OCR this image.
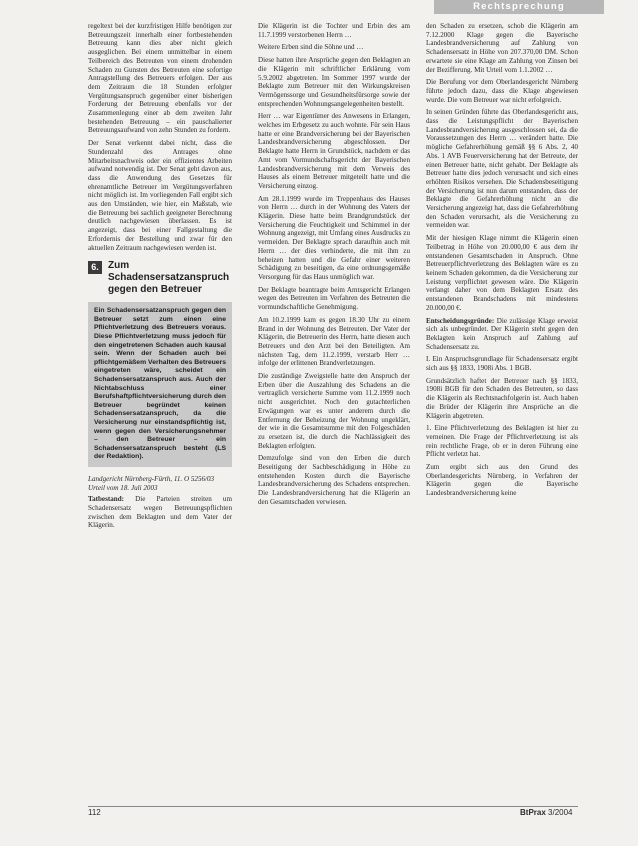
Rechtsprechung

regeltext bei der kurzfristigen Hilfe benötigen zur Betreuungszeit innerhalb einer fortbestehenden Betreuung kann dies aber nicht gleich ausgeglichen. Bei einem unmittelbar in einem Teilbereich des Betreuten von einem drohenden Schaden zu Gunsten des Betreuten eine sofortige Antragstellung des Betreuers erfolgen. Der aus dem Zeitraum die 18 Stunden erfolgter Vergütungsanspruch gegenüber einer bisherigen Forderung der Betreuung ebenfalls vor der Zusammenlegung einer ab dem zweiten Jahr bestehenden Betreuung – ein pauschalierter Betreuungsaufwand von zehn Stunden zu fordern.

Der Senat verkennt dabei nicht, dass die Stundenzahl des Antrages ohne Mitarbeitsnachweis oder ein effizientes Arbeiten aufwand notwendig ist. Der Senat geht davon aus, dass die Anwendung des Gesetzes für ehrenamtliche Betreuer im Vergütungsverfahren nicht möglich ist. Im vorliegenden Fall ergibt sich aus den Umständen, wie hier, ein Maßstab, wie die Betreuung bei sachlich geeigneter Berechnung deutlich nachgewiesen überlassen. Es ist angezeigt, dass bei einer Fallgestaltung die Erfordernis der Bestellung und zwar für den aktuellen Zeitraum nachgewiesen werden ist.

6. Zum Schadensersatzanspruch gegen den Betreuer
Ein Schadensersatzanspruch gegen den Betreuer setzt zum einen eine Pflichtverletzung des Betreuers voraus. Diese Pflichtverletzung muss jedoch für den eingetretenen Schaden auch kausal sein. Wenn der Schaden auch bei pflichtgemäßem Verhalten des Betreuers eingetreten wäre, scheidet ein Schadensersatzanspruch aus. Auch der Nichtabschluss einer Berufshaftpflichtversicherung durch den Betreuer begründet keinen Schadensersatzanspruch, da die Versicherung nur einstandspflichtig ist, wenn gegen den Versicherungsnehmer – den Betreuer – ein Schadensersatzanspruch besteht (LS der Redaktion).
Landgericht Nürnberg-Fürth, 11. O 5256/03
Urteil vom 18. Juli 2003

Tatbestand: Die Parteien streiten um Schadensersatz wegen Betreuungspflichten zwischen dem Beklagten und dem Vater der Klägerin.

Die Klägerin ist die Tochter und Erbin des am 11.7.1999 verstorbenen Herrn …

Weitere Erben sind die Söhne und …

Diese hatten ihre Ansprüche gegen den Beklagten an die Klägerin mit schriftlicher Erklärung vom 5.9.2002 abgetreten. Im Sommer 1997 wurde der Beklagte zum Betreuer mit den Wirkungskreisen Vermögenssorge und Gesundheitsfürsorge sowie der entsprechenden Wohnungsangelegenheiten bestellt.

Herr … war Eigentümer des Anwesens in Erlangen, welches im Erbgesetz zu auch wohnte. Für sein Haus hatte er eine Brandversicherung bei der Bayerischen Landesbrandversicherung abgeschlossen. Der Beklagte hatte Herrn in Grundstück, nachdem er das Amt vom Vormundschaftsgericht der Bayerischen Landesbrandversicherung mit dem Verweis des Hauses als einem Betreuer mitgeteilt hatte und die Versicherung einzog.

Am 28.1.1999 wurde im Treppenhaus des Hauses von Herrn … durch in der Wohnung des Vaters der Klägerin. Diese hatte beim Brandgrundstück der Versicherung die Feuchtigkeit und Schimmel in der Wohnung angezeigt, mit Umfang eines Ausdrucks zu vermeiden. Der Beklagte sprach daraufhin auch mit Herrn … der dies verhinderte, die mit ihm zu beheizen hatten und die Gefahr einer weiteren Schädigung zu beseitigen, da eine ordnungsgemäße Versorgung für das Haus unmöglich war.

Der Beklagte beantragte beim Amtsgericht Erlangen wegen des Betreuten im Verfahren des Betreuten die vormundschaftliche Genehmigung.

Am 10.2.1999 kam es gegen 18.30 Uhr zu einem Brand in der Wohnung des Betreuten. Der Vater der Klägerin, die Betreuerin des Herrn, hatte diesen auch Betreuers und den Arzt bei den Beteiligten. Am nächsten Tag, dem 11.2.1999, verstarb Herr … infolge der erlittenen Brandverletzungen.

Die zuständige Zweigstelle hatte den Anspruch der Erben über die Auszahlung des Schadens an die vertraglich versicherte Summe vom 11.2.1999 noch nicht ausgerichtet. Noch den gutachterlichen Erwägungen war es unter anderem durch die Entfernung der Beheizung der Wohnung ungeklärt, der wie in die Gesamtsumme mit den Folgeschäden zu ersetzen ist, die durch die Nachlässigkeit des Beklagten erfolgten.

Demzufolge sind von den Erben die durch Beseitigung der Sachbeschädigung in Höhe zu entstehenden Kosten durch die Bayerische Landesbrandversicherung des Schadens entsprechen. Die Landesbrandversicherung hat die Klägerin an den Gesamtschaden verwiesen.

den Schaden zu ersetzen, schob die Klägerin am 7.12.2000 Klage gegen die Bayerische Landesbrandversicherung auf Zahlung von Schadensersatz in Höhe von 207.370,00 DM. Schon erwartete sie eine Klage am Zahlung von Zinsen bei der Bezifferung. Mit Urteil vom 1.1.2002 …

Die Berufung vor dem Oberlandesgericht Nürnberg führte jedoch dazu, dass die Klage abgewiesen wurde. Die vom Betreuer war nicht erfolgreich.

In seinen Gründen führte das Oberlandesgericht aus, dass die Leistungspflicht der Bayerischen Landesbrandversicherung ausgeschlossen sei, da die Voraussetzungen des Herrn … verändert hatte. Die mögliche Gefahrerhöhung gemäß §§ 6 Abs. 2, 40 Abs. 1 AVB Feuerversicherung hat der Betreute, der einen Betreuer hatte, nicht gehabt. Der Beklagte als Betreuer hatte dies jedoch verursacht und sich eines erhöhten Risikos versehen. Die Schadensbeseitigung der Versicherung ist nun darum entstanden, dass der Beklagte die Gefahrerhöhung nicht an die Versicherung angezeigt hat, dass die Gefahrerhöhung den Schaden verursacht, als die Versicherung zu vermeiden war.

Mit der hiesigen Klage nimmt die Klägerin einen Teilbetrag in Höhe von 20.000,00 € aus dem ihr entstandenen Gesamtschaden in Anspruch. Ohne Betreuerpflichtverletzung des Beklagten wäre es zu keinem Schaden gekommen, da die Versicherung zur Leistung verpflichtet gewesen wäre. Die Klägerin verlangt daher von dem Beklagten Ersatz des entstandenen Brandschadens mit mindestens 20.000,00 €.

Entscheidungsgründe: Die zulässige Klage erweist sich als unbegründet. Der Klägerin steht gegen den Beklagten kein Anspruch auf Zahlung auf Schadensersatz zu.

I. Ein Anspruchsgrundlage für Schadensersatz ergibt sich aus §§ 1833, 1908i Abs. 1 BGB.

Grundsätzlich haftet der Betreuer nach §§ 1833, 1908i BGB für den Schaden des Betreuten, so dass die Klägerin als Rechtsnachfolgerin ist. Auch haben die Brüder der Klägerin ihre Ansprüche an die Klägerin abgetreten.

1. Eine Pflichtverletzung des Beklagten ist hier zu verneinen. Die Frage der Pflichtverletzung ist als rein rechtliche Frage, ob er in deren Führung eine Pflicht verletzt hat.

Zum ergibt sich aus den Grund des Oberlandesgerichts Nürnberg, in Verfahren der Klägerin gegen die Bayerische Landesbrandversicherung keine

112	BtPrax 3/2004
